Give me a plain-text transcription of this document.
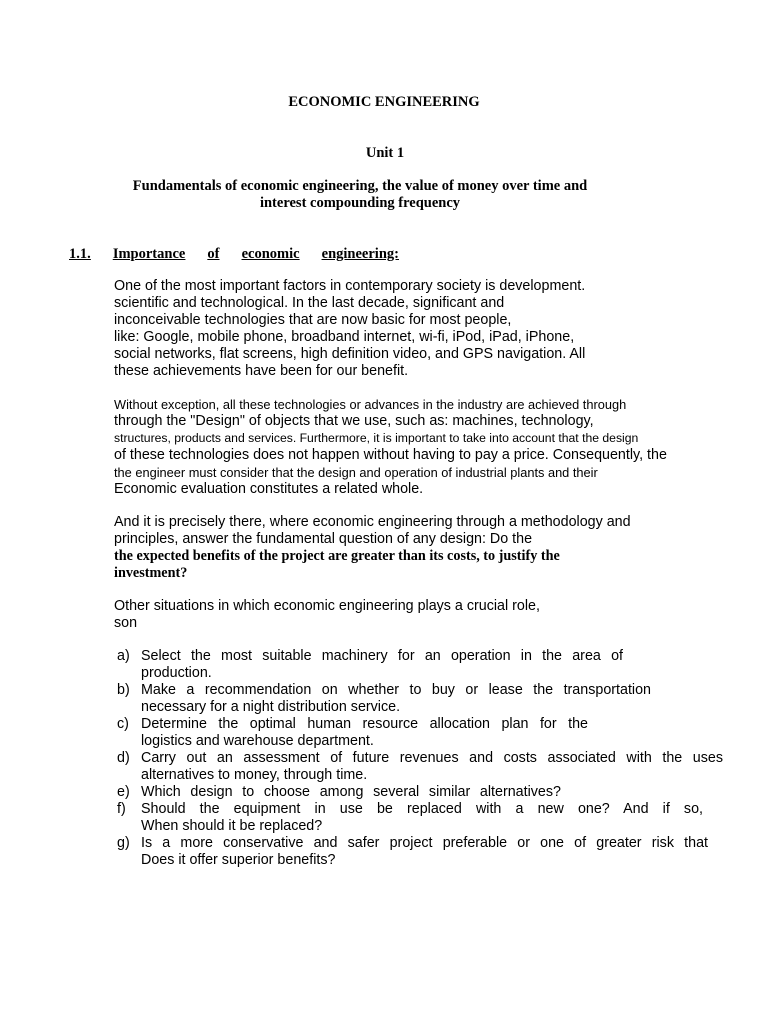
ECONOMIC ENGINEERING
Unit 1
Fundamentals of economic engineering, the value of money over time and
interest compounding frequency
1.1. Importance of economic engineering:

One of the most important factors in contemporary society is development.
scientific and technological. In the last decade, significant and
inconceivable technologies that are now basic for most people,
like: Google, mobile phone, broadband internet, wi-fi, iPod, iPad, iPhone,
social networks, flat screens, high definition video, and GPS navigation. All
these achievements have been for our benefit.

Without exception, all these technologies or advances in the industry are achieved through
through the "Design" of objects that we use, such as: machines, technology,
structures, products and services. Furthermore, it is important to take into account that the design
of these technologies does not happen without having to pay a price. Consequently, the
the engineer must consider that the design and operation of industrial plants and their
Economic evaluation constitutes a related whole.

And it is precisely there, where economic engineering through a methodology and
principles, answer the fundamental question of any design: Do the
the expected benefits of the project are greater than its costs, to justify the
investment?

Other situations in which economic engineering plays a crucial role,
son

a) Select the most suitable machinery for an operation in the area of
production.
b) Make a recommendation on whether to buy or lease the transportation
necessary for a night distribution service.
c) Determine the optimal human resource allocation plan for the
logistics and warehouse department.
d) Carry out an assessment of future revenues and costs associated with the uses
alternatives to money, through time.
e) Which design to choose among several similar alternatives?
f) Should the equipment in use be replaced with a new one? And if so,
When should it be replaced?
g) Is a more conservative and safer project preferable or one of greater risk that
Does it offer superior benefits?
